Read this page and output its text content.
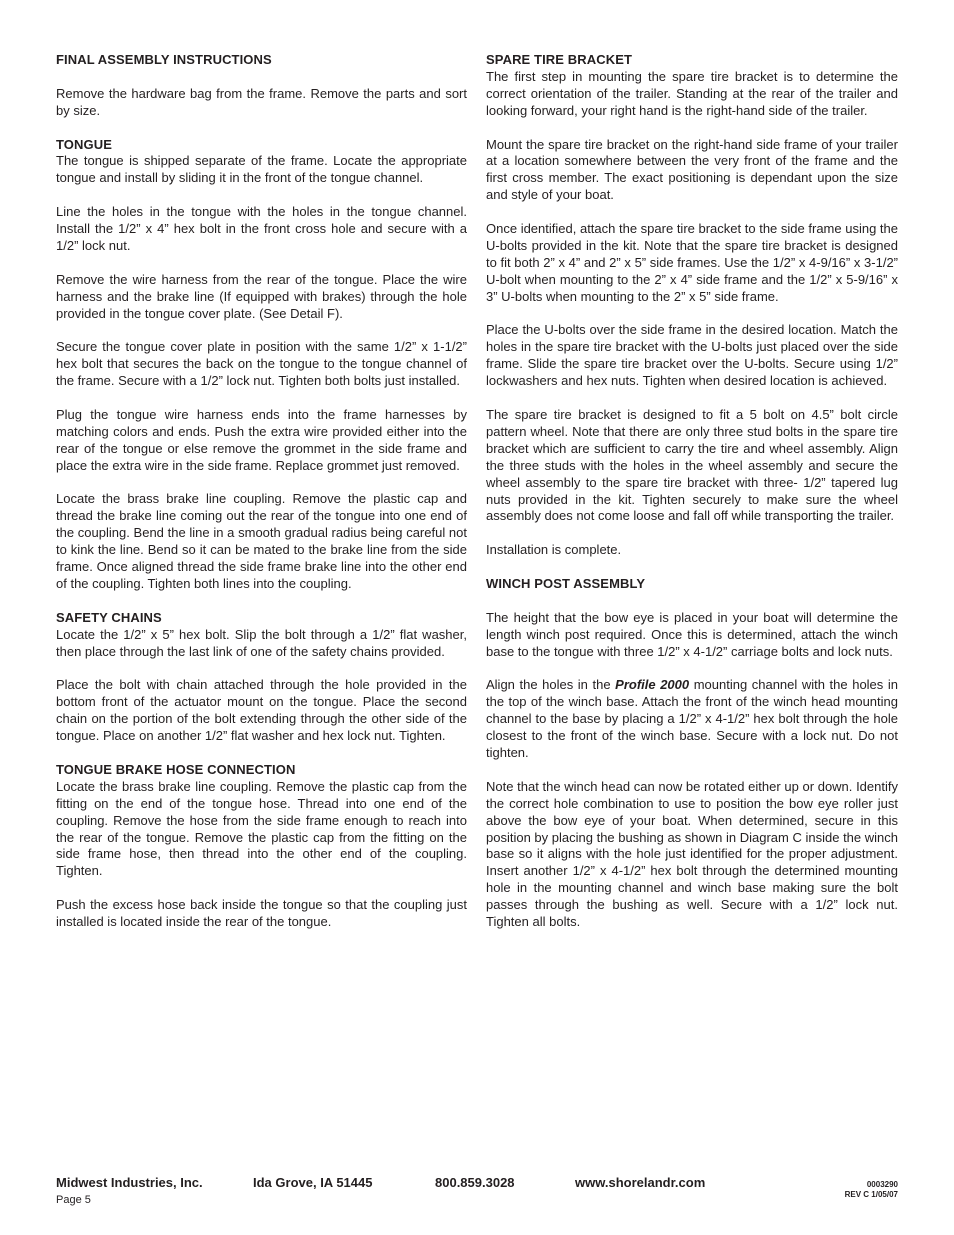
FINAL ASSEMBLY INSTRUCTIONS

Remove the hardware bag from the frame. Remove the parts and sort by size.

TONGUE

The tongue is shipped separate of the frame. Locate the appropriate tongue and install by sliding it in the front of the tongue channel.

Line the holes in the tongue with the holes in the tongue channel. Install the 1/2” x 4” hex bolt in the front cross hole and secure with a 1/2” lock nut.

Remove the wire harness from the rear of the tongue. Place the wire harness and the brake line (If equipped with brakes) through the hole provided in the tongue cover plate. (See Detail F).

Secure the tongue cover plate in position with the same 1/2” x 1-1/2” hex bolt that secures the back on the tongue to the tongue channel of the frame. Secure with a 1/2” lock nut. Tighten both bolts just installed.

Plug the tongue wire harness ends into the frame harnesses by matching colors and ends. Push the extra wire provided either into the rear of the tongue or else remove the grommet in the side frame and place the extra wire in the side frame. Replace grommet just removed.

Locate the brass brake line coupling. Remove the plastic cap and thread the brake line coming out the rear of the tongue into one end of the coupling. Bend the line in a smooth gradual radius being careful not to kink the line. Bend so it can be mated to the brake line from the side frame. Once aligned thread the side frame brake line into the other end of the coupling. Tighten both lines into the coupling.

SAFETY CHAINS

Locate the 1/2” x 5” hex bolt. Slip the bolt through a 1/2” flat washer, then place through the last link of one of the safety chains provided.

Place the bolt with chain attached through the hole provided in the bottom front of the actuator mount on the tongue. Place the second chain on the portion of the bolt extending through the other side of the tongue. Place on another 1/2” flat washer and hex lock nut. Tighten.

TONGUE BRAKE HOSE CONNECTION

Locate the brass brake line coupling. Remove the plastic cap from the fitting on the end of the tongue hose. Thread into one end of the coupling. Remove the hose from the side frame enough to reach into the rear of the tongue. Remove the plastic cap from the fitting on the side frame hose, then thread into the other end of the coupling. Tighten.

Push the excess hose back inside the tongue so that the coupling just installed is located inside the rear of the tongue.

SPARE TIRE BRACKET

The first step in mounting the spare tire bracket is to determine the correct orientation of the trailer. Standing at the rear of the trailer and looking forward, your right hand is the right-hand side of the trailer.

Mount the spare tire bracket on the right-hand side frame of your trailer at a location somewhere between the very front of the frame and the first cross member. The exact positioning is dependant upon the size and style of your boat.

Once identified, attach the spare tire bracket to the side frame using the U-bolts provided in the kit. Note that the spare tire bracket is designed to fit both 2” x 4” and 2” x 5” side frames. Use the 1/2” x 4-9/16” x 3-1/2” U-bolt when mounting to the 2” x 4” side frame and the 1/2” x 5-9/16” x 3” U-bolts when mounting to the 2” x 5” side frame.

Place the U-bolts over the side frame in the desired location. Match the holes in the spare tire bracket with the U-bolts just placed over the side frame. Slide the spare tire bracket over the U-bolts. Secure using 1/2” lockwashers and hex nuts. Tighten when desired location is achieved.

The spare tire bracket is designed to fit a 5 bolt on 4.5” bolt circle pattern wheel. Note that there are only three stud bolts in the spare tire bracket which are sufficient to carry the tire and wheel assembly. Align the three studs with the holes in the wheel assembly and secure the wheel assembly to the spare tire bracket with three- 1/2” tapered lug nuts provided in the kit. Tighten securely to make sure the wheel assembly does not come loose and fall off while transporting the trailer.

Installation is complete.

WINCH POST ASSEMBLY

The height that the bow eye is placed in your boat will determine the length winch post required. Once this is determined, attach the winch base to the tongue with three 1/2” x 4-1/2” carriage bolts and lock nuts.

Align the holes in the Profile 2000 mounting channel with the holes in the top of the winch base. Attach the front of the winch head mounting channel to the base by placing a 1/2” x 4-1/2” hex bolt through the hole closest to the front of the winch base. Secure with a lock nut. Do not tighten.

Note that the winch head can now be rotated either up or down. Identify the correct hole combination to use to position the bow eye roller just above the bow eye of your boat. When determined, secure in this position by placing the bushing as shown in Diagram C inside the winch base so it aligns with the hole just identified for the proper adjustment. Insert another 1/2” x 4-1/2” hex bolt through the determined mounting hole in the mounting channel and winch base making sure the bolt passes through the bushing as well. Secure with a 1/2” lock nut. Tighten all bolts.

Midwest Industries, Inc.	Ida Grove, IA 51445	800.859.3028	www.shorelandr.com	0003290
REV C 1/05/07
Page 5
